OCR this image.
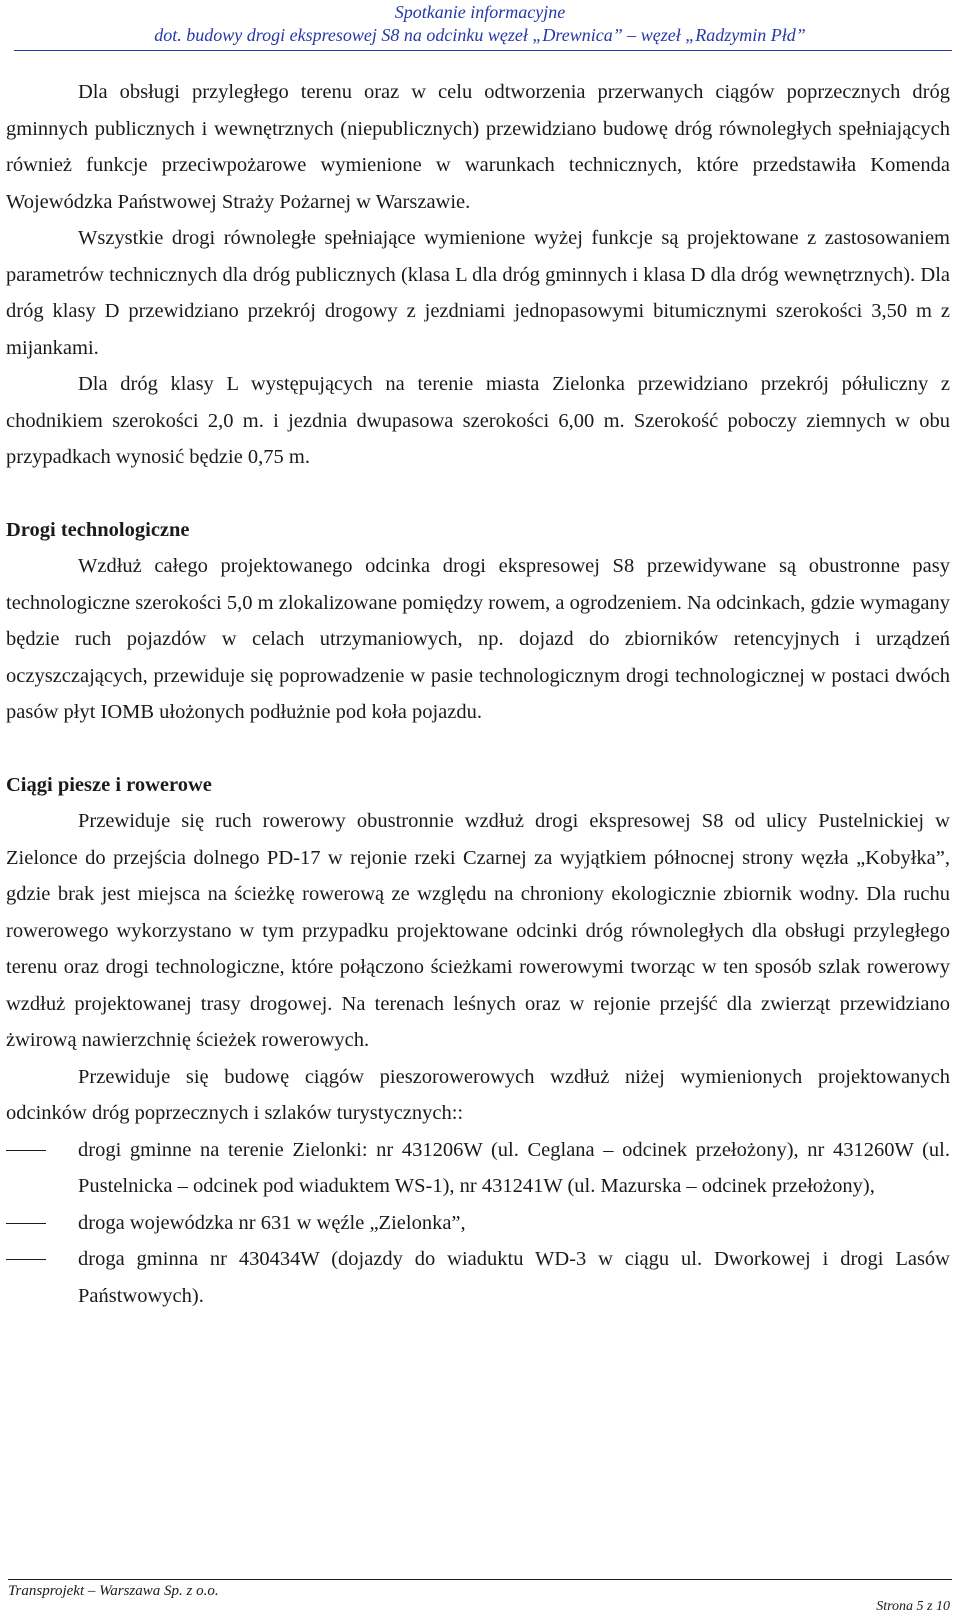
Spotkanie informacyjne
dot. budowy drogi ekspresowej S8 na odcinku węzeł „Drewnica” – węzeł „Radzymin Płd”

Dla obsługi przyległego terenu oraz w celu odtworzenia przerwanych ciągów poprzecznych dróg gminnych publicznych i wewnętrznych (niepublicznych) przewidziano budowę dróg równoległych spełniających również funkcje przeciwpożarowe wymienione w warunkach technicznych, które przedstawiła Komenda Wojewódzka Państwowej Straży Pożarnej w Warszawie.

Wszystkie drogi równoległe spełniające wymienione wyżej funkcje są projektowane z zastosowaniem parametrów technicznych dla dróg publicznych (klasa L dla dróg gminnych i klasa D dla dróg wewnętrznych). Dla dróg klasy D przewidziano przekrój drogowy z jezdniami jednopasowymi bitumicznymi szerokości 3,50 m z mijankami.

Dla dróg klasy L występujących na terenie miasta Zielonka przewidziano przekrój półuliczny z chodnikiem szerokości 2,0 m. i jezdnia dwupasowa szerokości 6,00 m. Szerokość poboczy ziemnych w obu przypadkach wynosić będzie 0,75 m.

Drogi technologiczne

Wzdłuż całego projektowanego odcinka drogi ekspresowej S8 przewidywane są obustronne pasy technologiczne szerokości 5,0 m zlokalizowane pomiędzy rowem, a ogrodzeniem. Na odcinkach, gdzie wymagany będzie ruch pojazdów w celach utrzymaniowych, np. dojazd do zbiorników retencyjnych i urządzeń oczyszczających, przewiduje się poprowadzenie w pasie technologicznym drogi technologicznej w postaci dwóch pasów płyt IOMB ułożonych podłużnie pod koła pojazdu.

Ciągi piesze i rowerowe

Przewiduje się ruch rowerowy obustronnie wzdłuż drogi ekspresowej S8 od ulicy Pustelnickiej w Zielonce do przejścia dolnego PD-17 w rejonie rzeki Czarnej za wyjątkiem północnej strony węzła „Kobyłka”, gdzie brak jest miejsca na ścieżkę rowerową ze względu na chroniony ekologicznie zbiornik wodny. Dla ruchu rowerowego wykorzystano w tym przypadku projektowane odcinki dróg równoległych dla obsługi przyległego terenu oraz drogi technologiczne, które połączono ścieżkami rowerowymi tworząc w ten sposób szlak rowerowy wzdłuż projektowanej trasy drogowej. Na terenach leśnych oraz w rejonie przejść dla zwierząt przewidziano żwirową nawierzchnię ścieżek rowerowych.

Przewiduje się budowę ciągów pieszorowerowych wzdłuż niżej wymienionych projektowanych odcinków dróg poprzecznych i szlaków turystycznych::

drogi gminne na terenie Zielonki: nr 431206W (ul. Ceglana – odcinek przełożony), nr 431260W (ul. Pustelnicka – odcinek pod wiaduktem WS-1), nr 431241W (ul. Mazurska – odcinek przełożony),
droga wojewódzka nr 631 w węźle „Zielonka”,
droga gminna nr 430434W (dojazdy do wiaduktu WD-3 w ciągu ul. Dworkowej i drogi Lasów Państwowych).
Transprojekt – Warszawa Sp. z o.o.
Strona 5 z 10
